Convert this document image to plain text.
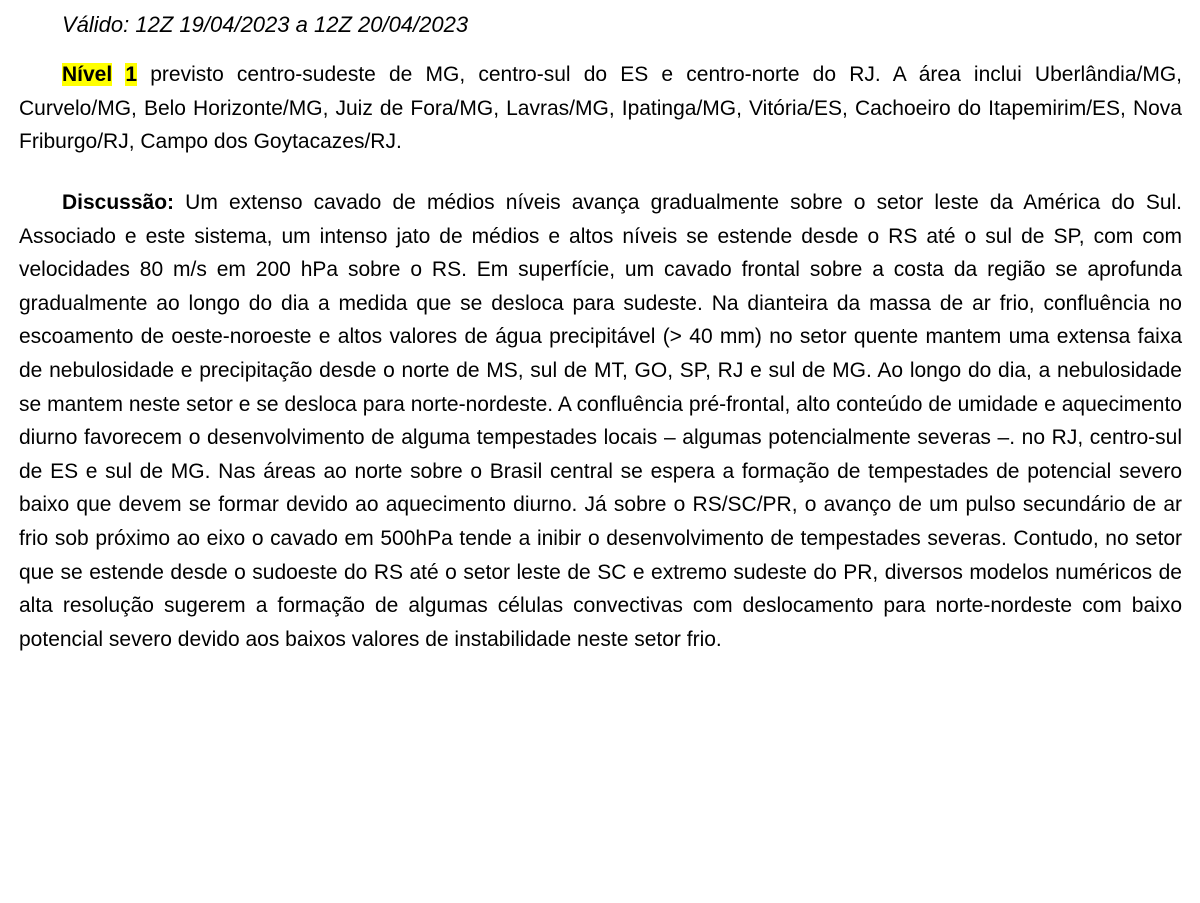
Válido: 12Z 19/04/2023 a 12Z 20/04/2023

Nível 1 previsto centro-sudeste de MG, centro-sul do ES e centro-norte do RJ. A área inclui Uberlândia/MG, Curvelo/MG, Belo Horizonte/MG, Juiz de Fora/MG, Lavras/MG, Ipatinga/MG, Vitória/ES, Cachoeiro do Itapemirim/ES, Nova Friburgo/RJ, Campo dos Goytacazes/RJ.

Discussão: Um extenso cavado de médios níveis avança gradualmente sobre o setor leste da América do Sul. Associado e este sistema, um intenso jato de médios e altos níveis se estende desde o RS até o sul de SP, com com velocidades 80 m/s em 200 hPa sobre o RS. Em superfície, um cavado frontal sobre a costa da região se aprofunda gradualmente ao longo do dia a medida que se desloca para sudeste. Na dianteira da massa de ar frio, confluência no escoamento de oeste-noroeste e altos valores de água precipitável (> 40 mm) no setor quente mantem uma extensa faixa de nebulosidade e precipitação desde o norte de MS, sul de MT, GO, SP, RJ e sul de MG. Ao longo do dia, a nebulosidade se mantem neste setor e se desloca para norte-nordeste. A confluência pré-frontal, alto conteúdo de umidade e aquecimento diurno favorecem o desenvolvimento de alguma tempestades locais – algumas potencialmente severas –. no RJ, centro-sul de ES e sul de MG. Nas áreas ao norte sobre o Brasil central se espera a formação de tempestades de potencial severo baixo que devem se formar devido ao aquecimento diurno. Já sobre o RS/SC/PR, o avanço de um pulso secundário de ar frio sob próximo ao eixo o cavado em 500hPa tende a inibir o desenvolvimento de tempestades severas. Contudo, no setor que se estende desde o sudoeste do RS até o setor leste de SC e extremo sudeste do PR, diversos modelos numéricos de alta resolução sugerem a formação de algumas células convectivas com deslocamento para norte-nordeste com baixo potencial severo devido aos baixos valores de instabilidade neste setor frio.
